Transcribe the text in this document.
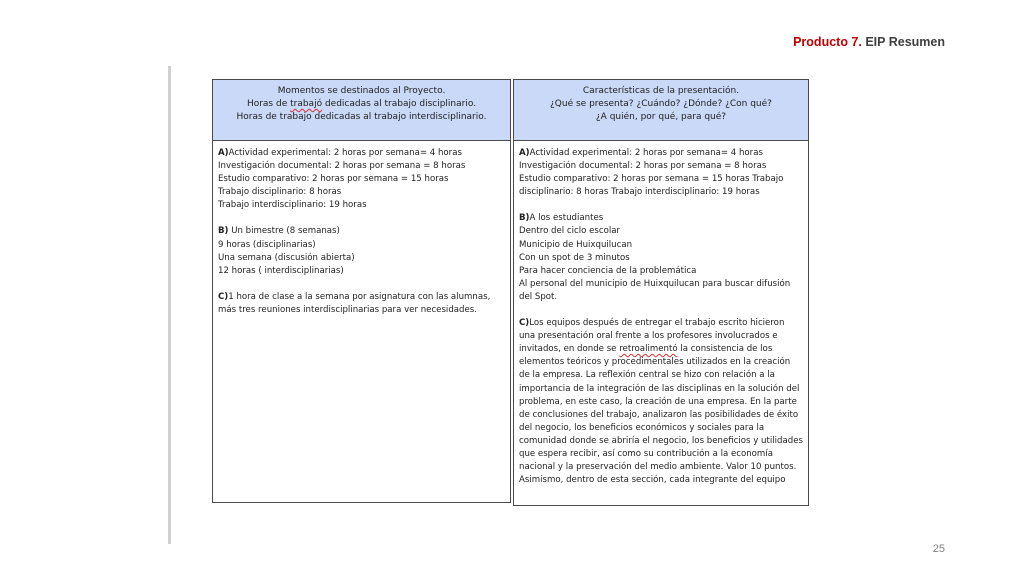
Producto 7. EIP Resumen
Momentos se destinados al Proyecto.
Horas de trabajó dedicadas al trabajo disciplinario.
Horas de trabajo dedicadas al trabajo interdisciplinario.

A)Actividad experimental: 2 horas por semana= 4 horas
Investigación documental: 2 horas por semana = 8 horas
Estudio comparativo: 2 horas por semana = 15 horas
Trabajo disciplinario: 8 horas
Trabajo interdisciplinario: 19 horas

B) Un bimestre (8 semanas)
9 horas (disciplinarias)
Una semana (discusión abierta)
12 horas ( interdisciplinarias)

C)1 hora de clase a la semana por asignatura con las alumnas, más tres reuniones interdisciplinarias para ver necesidades.

Características de la presentación.
¿Qué se presenta? ¿Cuándo? ¿Dónde? ¿Con qué?
¿A quién, por qué, para qué?

A)Actividad experimental: 2 horas por semana= 4 horas
Investigación documental: 2 horas por semana = 8 horas
Estudio comparativo: 2 horas por semana = 15 horas Trabajo disciplinario: 8 horas Trabajo interdisciplinario: 19 horas

B)A los estudiantes
Dentro del ciclo escolar
Municipio de Huixquilucan
Con un spot de 3 minutos
Para hacer conciencia de la problemática
Al personal del municipio de Huixquilucan para buscar difusión del Spot.

C)Los equipos después de entregar el trabajo escrito hicieron una presentación oral frente a los profesores involucrados e invitados, en donde se retroalimentó la consistencia de los elementos teóricos y procedimentales utilizados en la creación de la empresa. La reflexión central se hizo con relación a la importancia de la integración de las disciplinas en la solución del problema, en este caso, la creación de una empresa. En la parte de conclusiones del trabajo, analizaron las posibilidades de éxito del negocio, los beneficios económicos y sociales para la comunidad donde se abriría el negocio, los beneficios y utilidades que espera recibir, así como su contribución a la economía nacional y la preservación del medio ambiente. Valor 10 puntos. Asimismo, dentro de esta sección, cada integrante del equipo

25
